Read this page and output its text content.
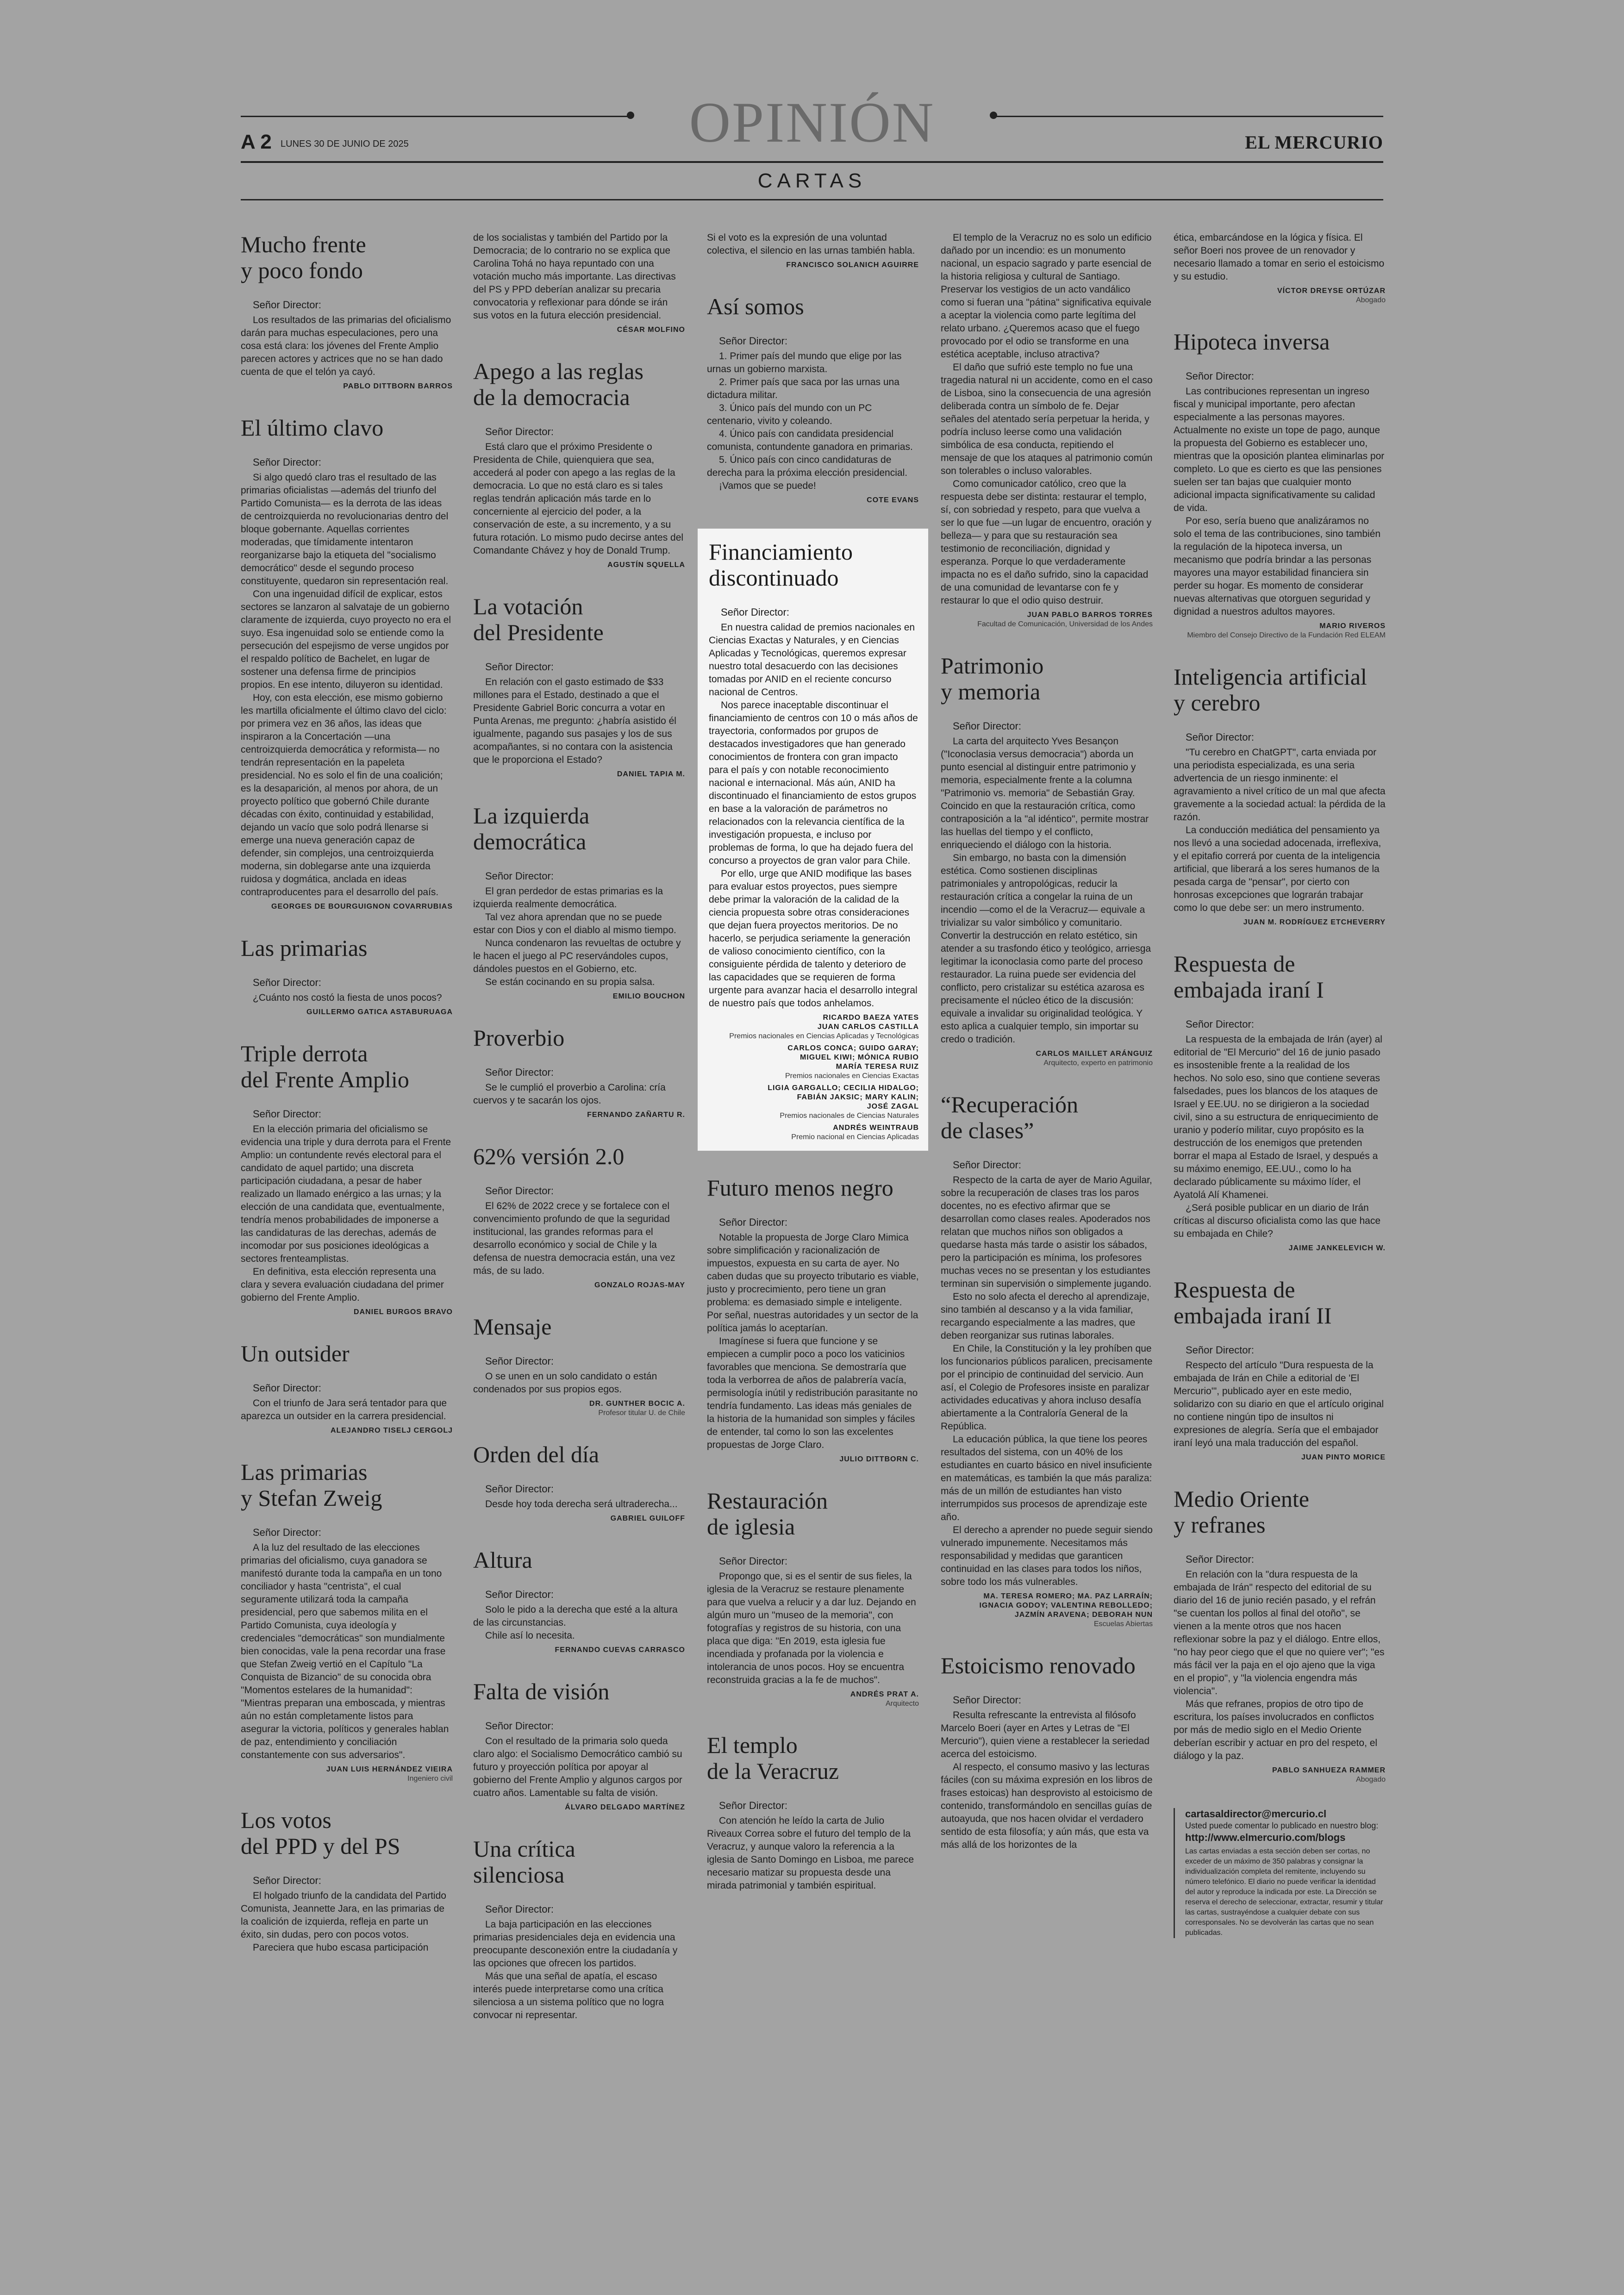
OPINIÓN
A 2 LUNES 30 DE JUNIO DE 2025	EL MERCURIO
CARTAS
Mucho frente
y poco fondo

Señor Director:

Los resultados de las primarias del oficialismo darán para muchas especulaciones, pero una cosa está clara: los jóvenes del Frente Amplio parecen actores y actrices que no se han dado cuenta de que el telón ya cayó.

PABLO DITTBORN BARROS

El último clavo

Señor Director:

Si algo quedó claro tras el resultado de las primarias oficialistas —además del triunfo del Partido Comunista— es la derrota de las ideas de centroizquierda no revolucionarias dentro del bloque gobernante. Aquellas corrientes moderadas, que tímidamente intentaron reorganizarse bajo la etiqueta del "socialismo democrático" desde el segundo proceso constituyente, quedaron sin representación real.

Con una ingenuidad difícil de explicar, estos sectores se lanzaron al salvataje de un gobierno claramente de izquierda, cuyo proyecto no era el suyo. Esa ingenuidad solo se entiende como la persecución del espejismo de verse ungidos por el respaldo político de Bachelet, en lugar de sostener una defensa firme de principios propios. En ese intento, diluyeron su identidad.

Hoy, con esta elección, ese mismo gobierno les martilla oficialmente el último clavo del ciclo: por primera vez en 36 años, las ideas que inspiraron a la Concertación —una centroizquierda democrática y reformista— no tendrán representación en la papeleta presidencial. No es solo el fin de una coalición; es la desaparición, al menos por ahora, de un proyecto político que gobernó Chile durante décadas con éxito, continuidad y estabilidad, dejando un vacío que solo podrá llenarse si emerge una nueva generación capaz de defender, sin complejos, una centroizquierda moderna, sin doblegarse ante una izquierda ruidosa y dogmática, anclada en ideas contraproducentes para el desarrollo del país.

GEORGES DE BOURGUIGNON COVARRUBIAS

Las primarias

Señor Director:

¿Cuánto nos costó la fiesta de unos pocos?

GUILLERMO GATICA ASTABURUAGA

Triple derrota
del Frente Amplio

Señor Director:

En la elección primaria del oficialismo se evidencia una triple y dura derrota para el Frente Amplio: un contundente revés electoral para el candidato de aquel partido; una discreta participación ciudadana, a pesar de haber realizado un llamado enérgico a las urnas; y la elección de una candidata que, eventualmente, tendría menos probabilidades de imponerse a las candidaturas de las derechas, además de incomodar por sus posiciones ideológicas a sectores frenteamplistas.

En definitiva, esta elección representa una clara y severa evaluación ciudadana del primer gobierno del Frente Amplio.

DANIEL BURGOS BRAVO

Un outsider

Señor Director:

Con el triunfo de Jara será tentador para que aparezca un outsider en la carrera presidencial.

ALEJANDRO TISELJ CERGOLJ

Las primarias
y Stefan Zweig

Señor Director:

A la luz del resultado de las elecciones primarias del oficialismo, cuya ganadora se manifestó durante toda la campaña en un tono conciliador y hasta "centrista", el cual seguramente utilizará toda la campaña presidencial, pero que sabemos milita en el Partido Comunista, cuya ideología y credenciales "democráticas" son mundialmente bien conocidas, vale la pena recordar una frase que Stefan Zweig vertió en el Capítulo "La Conquista de Bizancio" de su conocida obra "Momentos estelares de la humanidad": "Mientras preparan una emboscada, y mientras aún no están completamente listos para asegurar la victoria, políticos y generales hablan de paz, entendimiento y conciliación constantemente con sus adversarios".

JUAN LUIS HERNÁNDEZ VIEIRA

Ingeniero civil

Los votos
del PPD y del PS

Señor Director:

El holgado triunfo de la candidata del Partido Comunista, Jeannette Jara, en las primarias de la coalición de izquierda, refleja en parte un éxito, sin dudas, pero con pocos votos.

Pareciera que hubo escasa participación

de los socialistas y también del Partido por la Democracia; de lo contrario no se explica que Carolina Tohá no haya repuntado con una votación mucho más importante. Las directivas del PS y PPD deberían analizar su precaria convocatoria y reflexionar para dónde se irán sus votos en la futura elección presidencial.

CÉSAR MOLFINO

Apego a las reglas
de la democracia

Señor Director:

Está claro que el próximo Presidente o Presidenta de Chile, quienquiera que sea, accederá al poder con apego a las reglas de la democracia. Lo que no está claro es si tales reglas tendrán aplicación más tarde en lo concerniente al ejercicio del poder, a la conservación de este, a su incremento, y a su futura rotación. Lo mismo pudo decirse antes del Comandante Chávez y hoy de Donald Trump.

AGUSTÍN SQUELLA

La votación
del Presidente

Señor Director:

En relación con el gasto estimado de $33 millones para el Estado, destinado a que el Presidente Gabriel Boric concurra a votar en Punta Arenas, me pregunto: ¿habría asistido él igualmente, pagando sus pasajes y los de sus acompañantes, si no contara con la asistencia que le proporciona el Estado?

DANIEL TAPIA M.

La izquierda
democrática

Señor Director:

El gran perdedor de estas primarias es la izquierda realmente democrática.

Tal vez ahora aprendan que no se puede estar con Dios y con el diablo al mismo tiempo.

Nunca condenaron las revueltas de octubre y le hacen el juego al PC reservándoles cupos, dándoles puestos en el Gobierno, etc.

Se están cocinando en su propia salsa.

EMILIO BOUCHON

Proverbio

Señor Director:

Se le cumplió el proverbio a Carolina: cría cuervos y te sacarán los ojos.

FERNANDO ZAÑARTU R.

62% versión 2.0

Señor Director:

El 62% de 2022 crece y se fortalece con el convencimiento profundo de que la seguridad institucional, las grandes reformas para el desarrollo económico y social de Chile y la defensa de nuestra democracia están, una vez más, de su lado.

GONZALO ROJAS-MAY

Mensaje

Señor Director:

O se unen en un solo candidato o están condenados por sus propios egos.

DR. GUNTHER BOCIC A.

Profesor titular U. de Chile

Orden del día

Señor Director:

Desde hoy toda derecha será ultraderecha...

GABRIEL GUILOFF

Altura

Señor Director:

Solo le pido a la derecha que esté a la altura de las circunstancias.

Chile así lo necesita.

FERNANDO CUEVAS CARRASCO

Falta de visión

Señor Director:

Con el resultado de la primaria solo queda claro algo: el Socialismo Democrático cambió su futuro y proyección política por apoyar al gobierno del Frente Amplio y algunos cargos por cuatro años. Lamentable su falta de visión.

ÁLVARO DELGADO MARTÍNEZ

Una crítica
silenciosa

Señor Director:

La baja participación en las elecciones primarias presidenciales deja en evidencia una preocupante desconexión entre la ciudadanía y las opciones que ofrecen los partidos.

Más que una señal de apatía, el escaso interés puede interpretarse como una crítica silenciosa a un sistema político que no logra convocar ni representar.

Si el voto es la expresión de una voluntad colectiva, el silencio en las urnas también habla.

FRANCISCO SOLANICH AGUIRRE

Así somos

Señor Director:

1. Primer país del mundo que elige por las urnas un gobierno marxista.

2. Primer país que saca por las urnas una dictadura militar.

3. Único país del mundo con un PC centenario, vivito y coleando.

4. Único país con candidata presidencial comunista, contundente ganadora en primarias.

5. Único país con cinco candidaturas de derecha para la próxima elección presidencial.

¡Vamos que se puede!

COTE EVANS

Financiamiento
discontinuado

Señor Director:

En nuestra calidad de premios nacionales en Ciencias Exactas y Naturales, y en Ciencias Aplicadas y Tecnológicas, queremos expresar nuestro total desacuerdo con las decisiones tomadas por ANID en el reciente concurso nacional de Centros.

Nos parece inaceptable discontinuar el financiamiento de centros con 10 o más años de trayectoria, conformados por grupos de destacados investigadores que han generado conocimientos de frontera con gran impacto para el país y con notable reconocimiento nacional e internacional. Más aún, ANID ha discontinuado el financiamiento de estos grupos en base a la valoración de parámetros no relacionados con la relevancia científica de la investigación propuesta, e incluso por problemas de forma, lo que ha dejado fuera del concurso a proyectos de gran valor para Chile.

Por ello, urge que ANID modifique las bases para evaluar estos proyectos, pues siempre debe primar la valoración de la calidad de la ciencia propuesta sobre otras consideraciones que dejan fuera proyectos meritorios. De no hacerlo, se perjudica seriamente la generación de valioso conocimiento científico, con la consiguiente pérdida de talento y deterioro de las capacidades que se requieren de forma urgente para avanzar hacia el desarrollo integral de nuestro país que todos anhelamos.

RICARDO BAEZA YATES

JUAN CARLOS CASTILLA

Premios nacionales en Ciencias Aplicadas y Tecnológicas

CARLOS CONCA; GUIDO GARAY;

MIGUEL KIWI; MÓNICA RUBIO

MARÍA TERESA RUIZ

Premios nacionales en Ciencias Exactas

LIGIA GARGALLO; CECILIA HIDALGO;

FABIÁN JAKSIC; MARY KALIN;

JOSÉ ZAGAL

Premios nacionales de Ciencias Naturales

ANDRÉS WEINTRAUB

Premio nacional en Ciencias Aplicadas

Futuro menos negro

Señor Director:

Notable la propuesta de Jorge Claro Mimica sobre simplificación y racionalización de impuestos, expuesta en su carta de ayer. No caben dudas que su proyecto tributario es viable, justo y procrecimiento, pero tiene un gran problema: es demasiado simple e inteligente. Por señal, nuestras autoridades y un sector de la política jamás lo aceptarían.

Imagínese si fuera que funcione y se empiecen a cumplir poco a poco los vaticinios favorables que menciona. Se demostraría que toda la verborrea de años de palabrería vacía, permisología inútil y redistribución parasitante no tendría fundamento. Las ideas más geniales de la historia de la humanidad son simples y fáciles de entender, tal como lo son las excelentes propuestas de Jorge Claro.

JULIO DITTBORN C.

Restauración
de iglesia

Señor Director:

Propongo que, si es el sentir de sus fieles, la iglesia de la Veracruz se restaure plenamente para que vuelva a relucir y a dar luz. Dejando en algún muro un "museo de la memoria", con fotografías y registros de su historia, con una placa que diga: "En 2019, esta iglesia fue incendiada y profanada por la violencia e intolerancia de unos pocos. Hoy se encuentra reconstruida gracias a la fe de muchos".

ANDRÉS PRAT A.

Arquitecto

El templo
de la Veracruz

Señor Director:

Con atención he leído la carta de Julio Riveaux Correa sobre el futuro del templo de la Veracruz, y aunque valoro la referencia a la iglesia de Santo Domingo en Lisboa, me parece necesario matizar su propuesta desde una mirada patrimonial y también espiritual.

El templo de la Veracruz no es solo un edificio dañado por un incendio: es un monumento nacional, un espacio sagrado y parte esencial de la historia religiosa y cultural de Santiago. Preservar los vestigios de un acto vandálico como si fueran una "pátina" significativa equivale a aceptar la violencia como parte legítima del relato urbano. ¿Queremos acaso que el fuego provocado por el odio se transforme en una estética aceptable, incluso atractiva?

El daño que sufrió este templo no fue una tragedia natural ni un accidente, como en el caso de Lisboa, sino la consecuencia de una agresión deliberada contra un símbolo de fe. Dejar señales del atentado sería perpetuar la herida, y podría incluso leerse como una validación simbólica de esa conducta, repitiendo el mensaje de que los ataques al patrimonio común son tolerables o incluso valorables.

Como comunicador católico, creo que la respuesta debe ser distinta: restaurar el templo, sí, con sobriedad y respeto, para que vuelva a ser lo que fue —un lugar de encuentro, oración y belleza— y para que su restauración sea testimonio de reconciliación, dignidad y esperanza. Porque lo que verdaderamente impacta no es el daño sufrido, sino la capacidad de una comunidad de levantarse con fe y restaurar lo que el odio quiso destruir.

JUAN PABLO BARROS TORRES

Facultad de Comunicación, Universidad de los Andes

Patrimonio
y memoria

Señor Director:

La carta del arquitecto Yves Besançon ("Iconoclasia versus democracia") aborda un punto esencial al distinguir entre patrimonio y memoria, especialmente frente a la columna "Patrimonio vs. memoria" de Sebastián Gray. Coincido en que la restauración crítica, como contraposición a la "al idéntico", permite mostrar las huellas del tiempo y el conflicto, enriqueciendo el diálogo con la historia.

Sin embargo, no basta con la dimensión estética. Como sostienen disciplinas patrimoniales y antropológicas, reducir la restauración crítica a congelar la ruina de un incendio —como el de la Veracruz— equivale a trivializar su valor simbólico y comunitario. Convertir la destrucción en relato estético, sin atender a su trasfondo ético y teológico, arriesga legitimar la iconoclasia como parte del proceso restaurador. La ruina puede ser evidencia del conflicto, pero cristalizar su estética azarosa es precisamente el núcleo ético de la discusión: equivale a invalidar su originalidad teológica. Y esto aplica a cualquier templo, sin importar su credo o tradición.

CARLOS MAILLET ARÁNGUIZ

Arquitecto, experto en patrimonio

“Recuperación
de clases”

Señor Director:

Respecto de la carta de ayer de Mario Aguilar, sobre la recuperación de clases tras los paros docentes, no es efectivo afirmar que se desarrollan como clases reales. Apoderados nos relatan que muchos niños son obligados a quedarse hasta más tarde o asistir los sábados, pero la participación es mínima, los profesores muchas veces no se presentan y los estudiantes terminan sin supervisión o simplemente jugando.

Esto no solo afecta el derecho al aprendizaje, sino también al descanso y a la vida familiar, recargando especialmente a las madres, que deben reorganizar sus rutinas laborales.

En Chile, la Constitución y la ley prohíben que los funcionarios públicos paralicen, precisamente por el principio de continuidad del servicio. Aun así, el Colegio de Profesores insiste en paralizar actividades educativas y ahora incluso desafía abiertamente a la Contraloría General de la República.

La educación pública, la que tiene los peores resultados del sistema, con un 40% de los estudiantes en cuarto básico en nivel insuficiente en matemáticas, es también la que más paraliza: más de un millón de estudiantes han visto interrumpidos sus procesos de aprendizaje este año.

El derecho a aprender no puede seguir siendo vulnerado impunemente. Necesitamos más responsabilidad y medidas que garanticen continuidad en las clases para todos los niños, sobre todo los más vulnerables.

MA. TERESA ROMERO; MA. PAZ LARRAÍN;

IGNACIA GODOY; VALENTINA REBOLLEDO;

JAZMÍN ARAVENA; DEBORAH NUN

Escuelas Abiertas

Estoicismo renovado

Señor Director:

Resulta refrescante la entrevista al filósofo Marcelo Boeri (ayer en Artes y Letras de "El Mercurio"), quien viene a restablecer la seriedad acerca del estoicismo.

Al respecto, el consumo masivo y las lecturas fáciles (con su máxima expresión en los libros de frases estoicas) han desprovisto al estoicismo de contenido, transformándolo en sencillas guías de autoayuda, que nos hacen olvidar el verdadero sentido de esta filosofía; y aún más, que esta va más allá de los horizontes de la

ética, embarcándose en la lógica y física. El señor Boeri nos provee de un renovador y necesario llamado a tomar en serio el estoicismo y su estudio.

VÍCTOR DREYSE ORTÚZAR

Abogado

Hipoteca inversa

Señor Director:

Las contribuciones representan un ingreso fiscal y municipal importante, pero afectan especialmente a las personas mayores. Actualmente no existe un tope de pago, aunque la propuesta del Gobierno es establecer uno, mientras que la oposición plantea eliminarlas por completo. Lo que es cierto es que las pensiones suelen ser tan bajas que cualquier monto adicional impacta significativamente su calidad de vida.

Por eso, sería bueno que analizáramos no solo el tema de las contribuciones, sino también la regulación de la hipoteca inversa, un mecanismo que podría brindar a las personas mayores una mayor estabilidad financiera sin perder su hogar. Es momento de considerar nuevas alternativas que otorguen seguridad y dignidad a nuestros adultos mayores.

MARIO RIVEROS

Miembro del Consejo Directivo de la Fundación Red ELEAM

Inteligencia artificial
y cerebro

Señor Director:

"Tu cerebro en ChatGPT", carta enviada por una periodista especializada, es una seria advertencia de un riesgo inminente: el agravamiento a nivel crítico de un mal que afecta gravemente a la sociedad actual: la pérdida de la razón.

La conducción mediática del pensamiento ya nos llevó a una sociedad adocenada, irreflexiva, y el epitafio correrá por cuenta de la inteligencia artificial, que liberará a los seres humanos de la pesada carga de "pensar", por cierto con honrosas excepciones que lograrán trabajar como lo que debe ser: un mero instrumento.

JUAN M. RODRÍGUEZ ETCHEVERRY

Respuesta de
embajada iraní I

Señor Director:

La respuesta de la embajada de Irán (ayer) al editorial de "El Mercurio" del 16 de junio pasado es insostenible frente a la realidad de los hechos. No solo eso, sino que contiene severas falsedades, pues los blancos de los ataques de Israel y EE.UU. no se dirigieron a la sociedad civil, sino a su estructura de enriquecimiento de uranio y poderío militar, cuyo propósito es la destrucción de los enemigos que pretenden borrar el mapa al Estado de Israel, y después a su máximo enemigo, EE.UU., como lo ha declarado públicamente su máximo líder, el Ayatolá Alí Khamenei.

¿Será posible publicar en un diario de Irán críticas al discurso oficialista como las que hace su embajada en Chile?

JAIME JANKELEVICH W.

Respuesta de
embajada iraní II

Señor Director:

Respecto del artículo "Dura respuesta de la embajada de Irán en Chile a editorial de 'El Mercurio'", publicado ayer en este medio, solidarizo con su diario en que el artículo original no contiene ningún tipo de insultos ni expresiones de alegría. Sería que el embajador iraní leyó una mala traducción del español.

JUAN PINTO MORICE

Medio Oriente
y refranes

Señor Director:

En relación con la "dura respuesta de la embajada de Irán" respecto del editorial de su diario del 16 de junio recién pasado, y el refrán "se cuentan los pollos al final del otoño", se vienen a la mente otros que nos hacen reflexionar sobre la paz y el diálogo. Entre ellos, "no hay peor ciego que el que no quiere ver"; "es más fácil ver la paja en el ojo ajeno que la viga en el propio", y "la violencia engendra más violencia".

Más que refranes, propios de otro tipo de escritura, los países involucrados en conflictos por más de medio siglo en el Medio Oriente deberían escribir y actuar en pro del respeto, el diálogo y la paz.

PABLO SANHUEZA RAMMER

Abogado

cartasaldirector@mercurio.cl

Usted puede comentar lo publicado en nuestro blog:

http://www.elmercurio.com/blogs

Las cartas enviadas a esta sección deben ser cortas, no exceder de un máximo de 350 palabras y consignar la individualización completa del remitente, incluyendo su número telefónico. El diario no puede verificar la identidad del autor y reproduce la indicada por este. La Dirección se reserva el derecho de seleccionar, extractar, resumir y titular las cartas, sustrayéndose a cualquier debate con sus corresponsales. No se devolverán las cartas que no sean publicadas.
